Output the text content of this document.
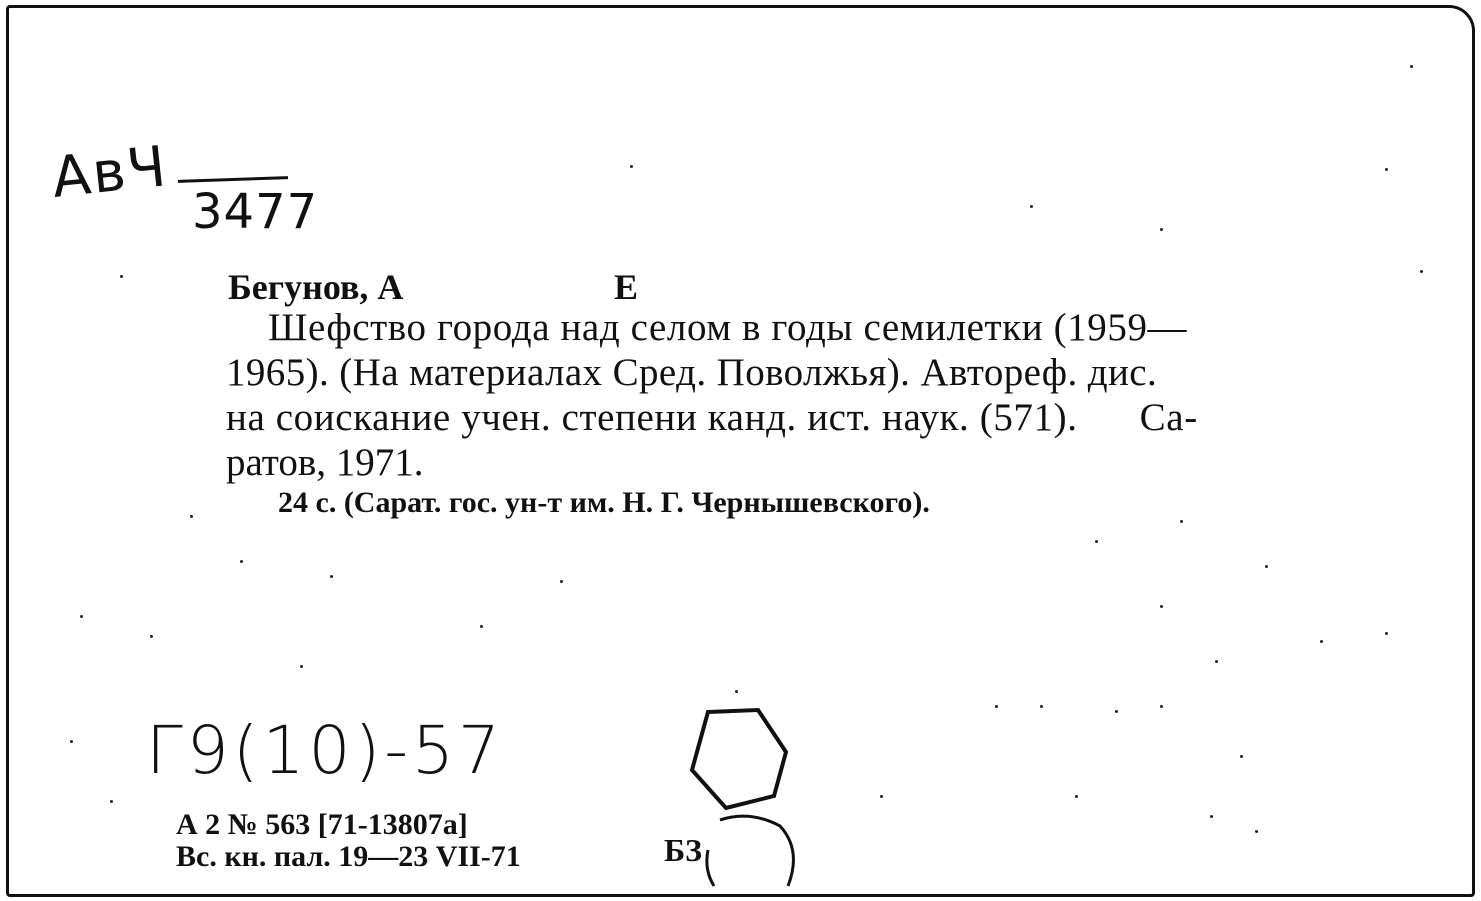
АвЧ
3477
Бегунов, А	Е
Шефство города над селом в годы семилетки (1959—
1965). (На материалах Сред. Поволжья). Автореф. дис.
на соискание учен. степени канд. ист. наук. (571).      Са-
ратов, 1971.
24 с. (Сарат. гос. ун-т им. Н. Г. Чернышевского).
Г9(10)-57
А 2 № 563 [71-13807а]
Вс. кн. пал. 19—23 VII-71	БЗ
